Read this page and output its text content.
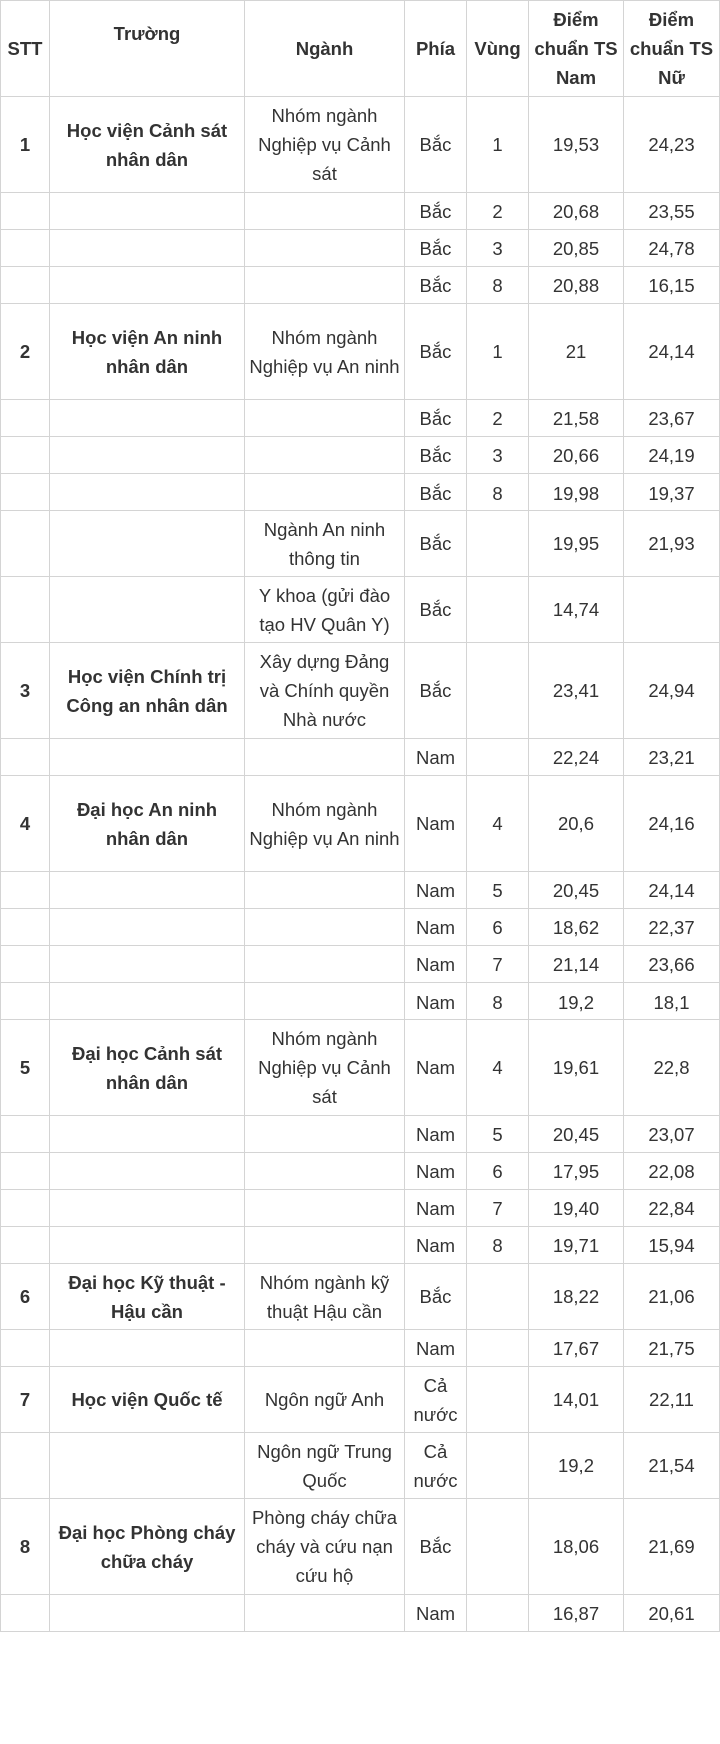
STT	Trường	Ngành	Phía	Vùng	Điểm chuẩn TS Nam	Điểm chuẩn TS Nữ
1	Học viện Cảnh sát nhân dân	Nhóm ngành Nghiệp vụ Cảnh sát	Bắc	1	19,53	24,23
			Bắc	2	20,68	23,55
			Bắc	3	20,85	24,78
			Bắc	8	20,88	16,15
2	Học viện An ninh nhân dân	Nhóm ngành Nghiệp vụ An ninh	Bắc	1	21	24,14
			Bắc	2	21,58	23,67
			Bắc	3	20,66	24,19
			Bắc	8	19,98	19,37
		Ngành An ninh thông tin	Bắc		19,95	21,93
		Y khoa (gửi đào tạo HV Quân Y)	Bắc		14,74	
3	Học viện Chính trị Công an nhân dân	Xây dựng Đảng và Chính quyền Nhà nước	Bắc		23,41	24,94
			Nam		22,24	23,21
4	Đại học An ninh nhân dân	Nhóm ngành Nghiệp vụ An ninh	Nam	4	20,6	24,16
			Nam	5	20,45	24,14
			Nam	6	18,62	22,37
			Nam	7	21,14	23,66
			Nam	8	19,2	18,1
5	Đại học Cảnh sát nhân dân	Nhóm ngành Nghiệp vụ Cảnh sát	Nam	4	19,61	22,8
			Nam	5	20,45	23,07
			Nam	6	17,95	22,08
			Nam	7	19,40	22,84
			Nam	8	19,71	15,94
6	Đại học Kỹ thuật - Hậu cần	Nhóm ngành kỹ thuật Hậu cần	Bắc		18,22	21,06
			Nam		17,67	21,75
7	Học viện Quốc tế	Ngôn ngữ Anh	Cả nước		14,01	22,11
		Ngôn ngữ Trung Quốc	Cả nước		19,2	21,54
8	Đại học Phòng cháy chữa cháy	Phòng cháy chữa cháy và cứu nạn cứu hộ	Bắc		18,06	21,69
			Nam		16,87	20,61
